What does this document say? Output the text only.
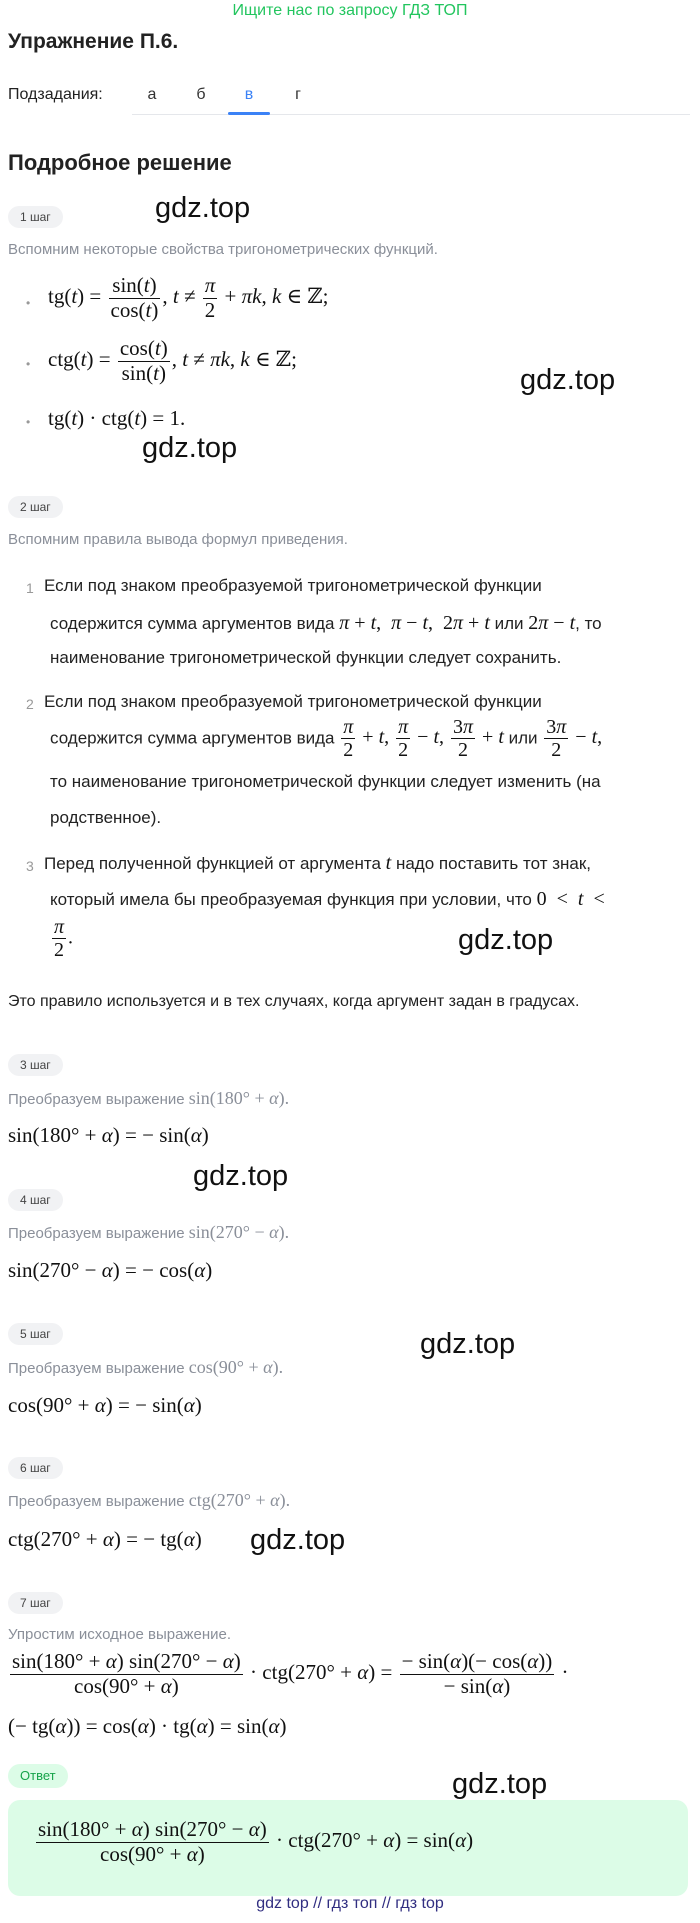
Ищите нас по запросу ГДЗ ТОП
Упражнение П.6.
Подзадания:	а	б	в	г
Подробное решение
1 шаг	gdz.top
Вспомним некоторые свойства тригонометрических функций.
• $tg(t) = \frac{\sin(t)}{\cos(t)}$ , $t \ne \frac{\pi}{2} + \pi k$, k ∈ ℤ;
• $ctg(t) = \frac{\cos(t)}{\sin(t)}$ , t ≠ πk, k ∈ ℤ;
gdz.top
• tg(t) · ctg(t) = 1.
gdz.top
2 шаг
Вспомним правила вывода формул приведения.
1 Если под знаком преобразуемой тригонометрической функции
содержится сумма аргументов вида π + t,  π − t,  2π + t или 2π − t, то
наименование тригонометрической функции следует сохранить.
2 Если под знаком преобразуемой тригонометрической функции
содержится сумма аргументов вида $\frac{\pi}{2} + t$, $\frac{\pi}{2} - t$, $\frac{3\pi}{2} + t$ или $\frac{3\pi}{2} - t$,
то наименование тригонометрической функции следует изменить (на
родственное).
3 Перед полученной функцией от аргумента t надо поставить тот знак,
который имела бы преобразуемая функция при условии, что 0  <  t  <
$\frac{\pi}{2}$ .	gdz.top
Это правило используется и в тех случаях, когда аргумент задан в градусах.
3 шаг
Преобразуем выражение sin(180° + α).
sin(180° + α) = − sin(α)
gdz.top
4 шаг
Преобразуем выражение sin(270° − α).
sin(270° − α) = − cos(α)
5 шаг	gdz.top
Преобразуем выражение cos(90° + α).
cos(90° + α) = − sin(α)
6 шаг
Преобразуем выражение ctg(270° + α).
ctg(270° + α) = − tg(α) gdz.top
7 шаг
Упростим исходное выражение.
$\frac{\sin(180^\circ + \alpha) \sin(270^\circ - \alpha)}{\cos(90^\circ + \alpha)} \cdot ctg(270^\circ + \alpha) = \frac{- \sin(\alpha)(- \cos(\alpha))}{- \sin(\alpha)}$ ·
(− tg(α)) = cos(α) · tg(α) = sin(α)
Ответ	gdz.top
$\frac{\sin(180^\circ + \alpha) \sin(270^\circ - \alpha)}{\cos(90^\circ + \alpha)} \cdot ctg(270^\circ + \alpha) = \sin(\alpha)$
gdz top // гдз топ // гдз top
